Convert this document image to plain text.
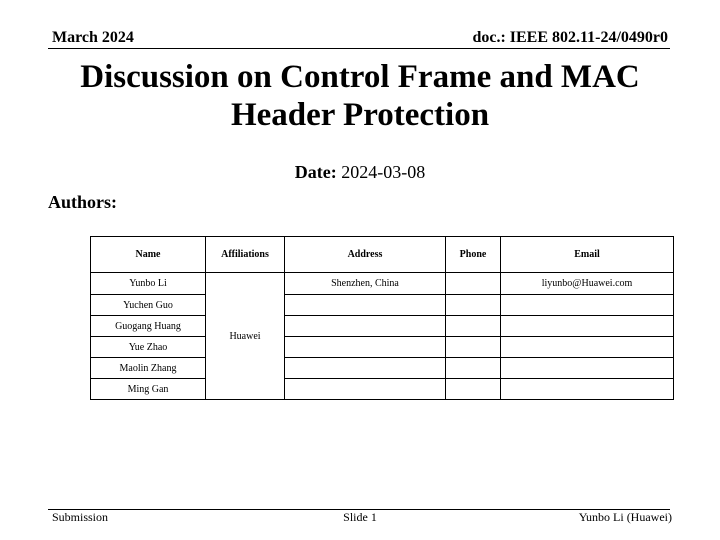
March 2024	doc.: IEEE 802.11-24/0490r0
Discussion on Control Frame and MAC
Header Protection
Date: 2024-03-08
Authors:
Name	Affiliations	Address	Phone	Email
Yunbo Li	Huawei	Shenzhen, China		liyunbo@Huawei.com
Yuchen Guo				
Guogang Huang				
Yue Zhao				
Maolin Zhang				
Ming Gan				
Submission	Slide 1	Yunbo Li (Huawei)
